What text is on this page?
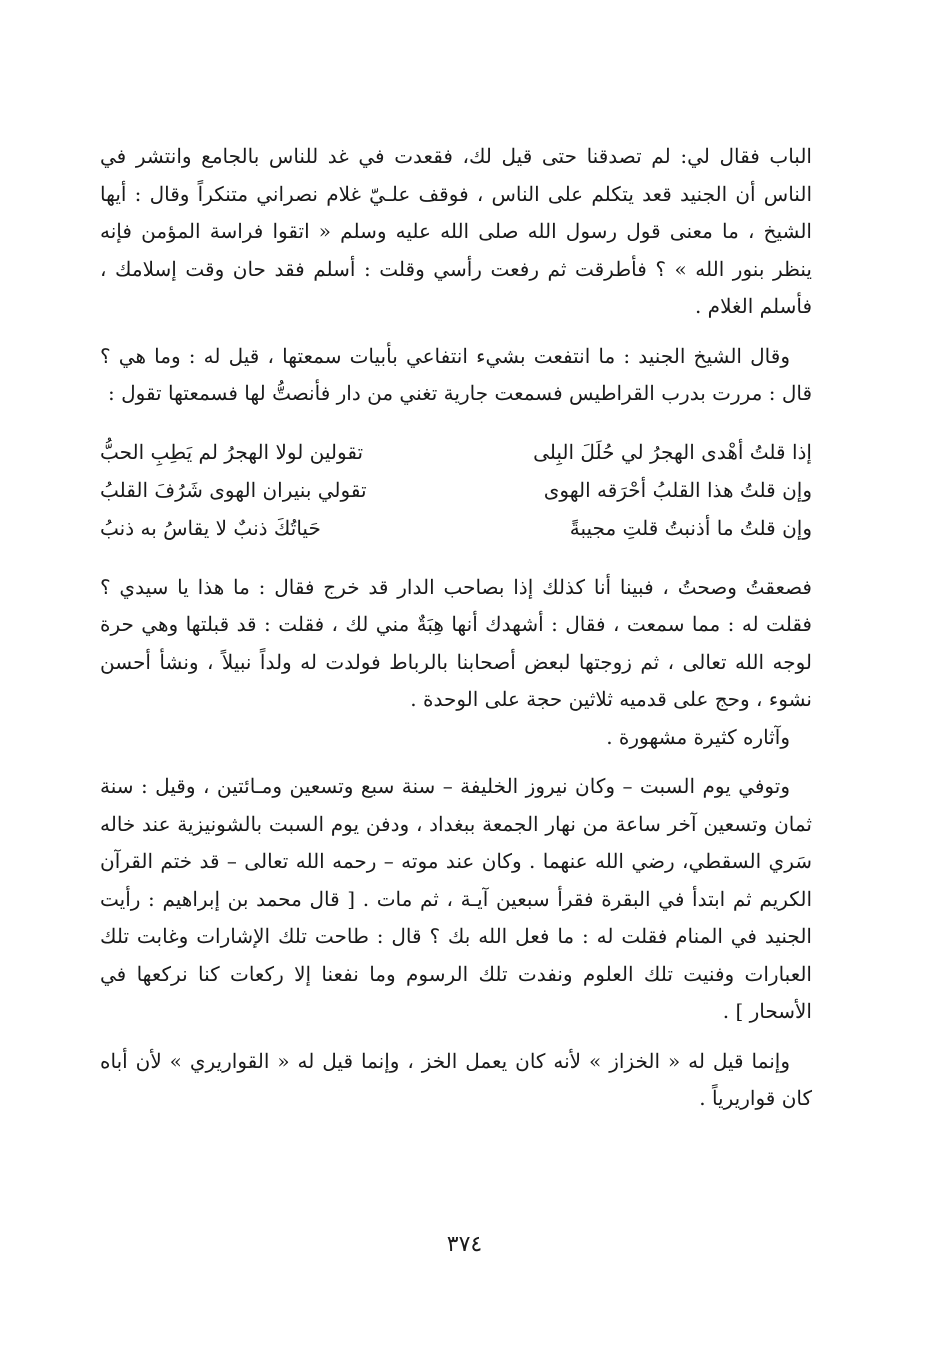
الباب فقال لي: لم تصدقنا حتى قيل لك، فقعدت في غد للناس بالجامع وانتشر في الناس أن الجنيد قعد يتكلم على الناس ، فوقف علـيّ غلام نصراني متنكراً وقال : أيها الشيخ ، ما معنى قول رسول الله صلى الله عليه وسلم « اتقوا فراسة المؤمن فإنه ينظر بنور الله » ؟ فأطرقت ثم رفعت رأسي وقلت : أسلم فقد حان وقت إسلامك ، فأسلم الغلام .

وقال الشيخ الجنيد : ما انتفعت بشيء انتفاعي بأبيات سمعتها ، قيل له : وما هي ؟ قال : مررت بدرب القراطيس فسمعت جارية تغني من دار فأنصتُّ لها فسمعتها تقول :

إذا قلتُ أهْدى الهجرُ لي حُلَلَ البِلى
تقولين لولا الهجرُ لم يَطِبِ الحبُّ
وإن قلتُ هذا القلبُ أحْرَقه الهوى
تقولي بنيران الهوى شَرُفَ القلبُ
وإن قلتُ ما أذنبتُ قلتِ مجيبةً
حَياتُكَ ذنبٌ لا يقاسُ به ذنبُ

فصعقتُ وصحتُ ، فبينا أنا كذلك إذا بصاحب الدار قد خرج فقال : ما هذا يا سيدي ؟ فقلت له : مما سمعت ، فقال : أشهدك أنها هِبَةٌ مني لك ، فقلت : قد قبلتها وهي حرة لوجه الله تعالى ، ثم زوجتها لبعض أصحابنا بالرباط فولدت له ولداً نبيلاً ، ونشأ أحسن نشوء ، وحج على قدميه ثلاثين حجة على الوحدة .

وآثاره كثيرة مشهورة .

وتوفي يوم السبت – وكان نيروز الخليفة – سنة سبع وتسعين ومـائتين ، وقيل : سنة ثمان وتسعين آخر ساعة من نهار الجمعة ببغداد ، ودفن يوم السبت بالشونيزية عند خاله سَري السقطي، رضي الله عنهما . وكان عند موته – رحمه الله تعالى – قد ختم القرآن الكريم ثم ابتدأ في البقرة فقرأ سبعين آيـة ، ثم مات . [ قال محمد بن إبراهيم : رأيت الجنيد في المنام فقلت له : ما فعل الله بك ؟ قال : طاحت تلك الإشارات وغابت تلك العبارات وفنيت تلك العلوم ونفدت تلك الرسوم وما نفعنا إلا ركعات كنا نركعها في الأسحار ] .

وإنما قيل له « الخزاز » لأنه كان يعمل الخز ، وإنما قيل له « القواريري » لأن أباه كان قواريرياً .

٣٧٤
